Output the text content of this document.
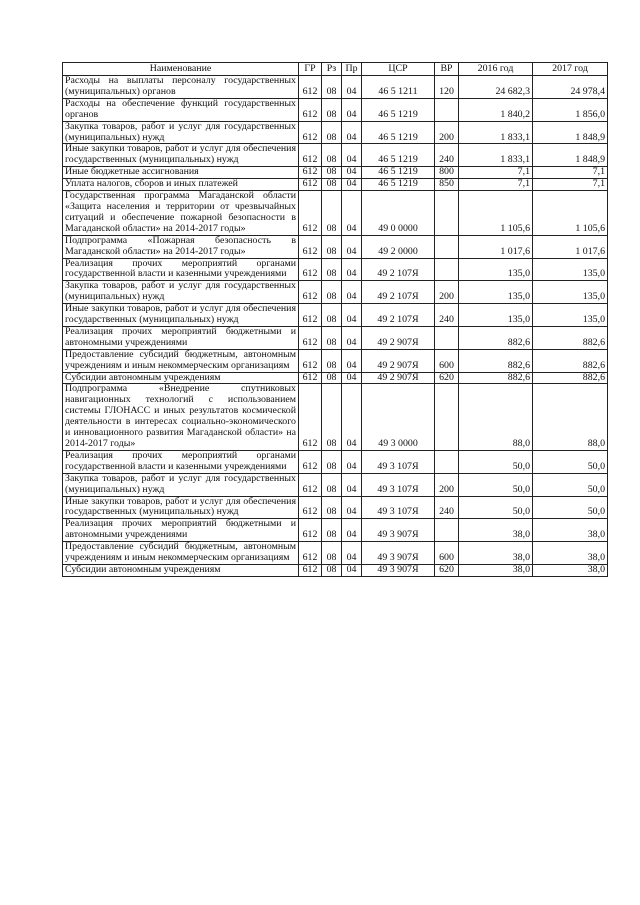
Наименование	ГР	Рз	Пр	ЦСР	ВР	2016 год	2017 год
Расходы на выплаты персоналу государственных (муниципальных) органов	612	08	04	46 5 1211	120	24 682,3	24 978,4
Расходы на обеспечение функций государственных органов	612	08	04	46 5 1219		1 840,2	1 856,0
Закупка товаров, работ и услуг для государственных (муниципальных) нужд	612	08	04	46 5 1219	200	1 833,1	1 848,9
Иные закупки товаров, работ и услуг для обеспечения государственных (муниципальных) нужд	612	08	04	46 5 1219	240	1 833,1	1 848,9
Иные бюджетные ассигнования	612	08	04	46 5 1219	800	7,1	7,1
Уплата налогов, сборов и иных платежей	612	08	04	46 5 1219	850	7,1	7,1
Государственная программа Магаданской области «Защита населения и территории от чрезвычайных ситуаций и обеспечение пожарной безопасности в Магаданской области» на 2014-2017 годы»	612	08	04	49 0 0000		1 105,6	1 105,6
Подпрограмма «Пожарная безопасность в Магаданской области» на 2014-2017 годы»	612	08	04	49 2 0000		1 017,6	1 017,6
Реализация прочих мероприятий органами государственной власти и казенными учреждениями	612	08	04	49 2 107Я		135,0	135,0
Закупка товаров, работ и услуг для государственных (муниципальных) нужд	612	08	04	49 2 107Я	200	135,0	135,0
Иные закупки товаров, работ и услуг для обеспечения государственных (муниципальных) нужд	612	08	04	49 2 107Я	240	135,0	135,0
Реализация прочих мероприятий бюджетными и автономными учреждениями	612	08	04	49 2 907Я		882,6	882,6
Предоставление субсидий бюджетным, автономным учреждениям и иным некоммерческим организациям	612	08	04	49 2 907Я	600	882,6	882,6
Субсидии автономным учреждениям	612	08	04	49 2 907Я	620	882,6	882,6
Подпрограмма «Внедрение спутниковых навигационных технологий с использованием системы ГЛОНАСС и иных результатов космической деятельности в интересах социально-экономического и инновационного развития Магаданской области» на 2014-2017 годы»	612	08	04	49 3 0000		88,0	88,0
Реализация прочих мероприятий органами государственной власти и казенными учреждениями	612	08	04	49 3 107Я		50,0	50,0
Закупка товаров, работ и услуг для государственных (муниципальных) нужд	612	08	04	49 3 107Я	200	50,0	50,0
Иные закупки товаров, работ и услуг для обеспечения государственных (муниципальных) нужд	612	08	04	49 3 107Я	240	50,0	50,0
Реализация прочих мероприятий бюджетными и автономными учреждениями	612	08	04	49 3 907Я		38,0	38,0
Предоставление субсидий бюджетным, автономным учреждениям и иным некоммерческим организациям	612	08	04	49 3 907Я	600	38,0	38,0
Субсидии автономным учреждениям	612	08	04	49 3 907Я	620	38,0	38,0
